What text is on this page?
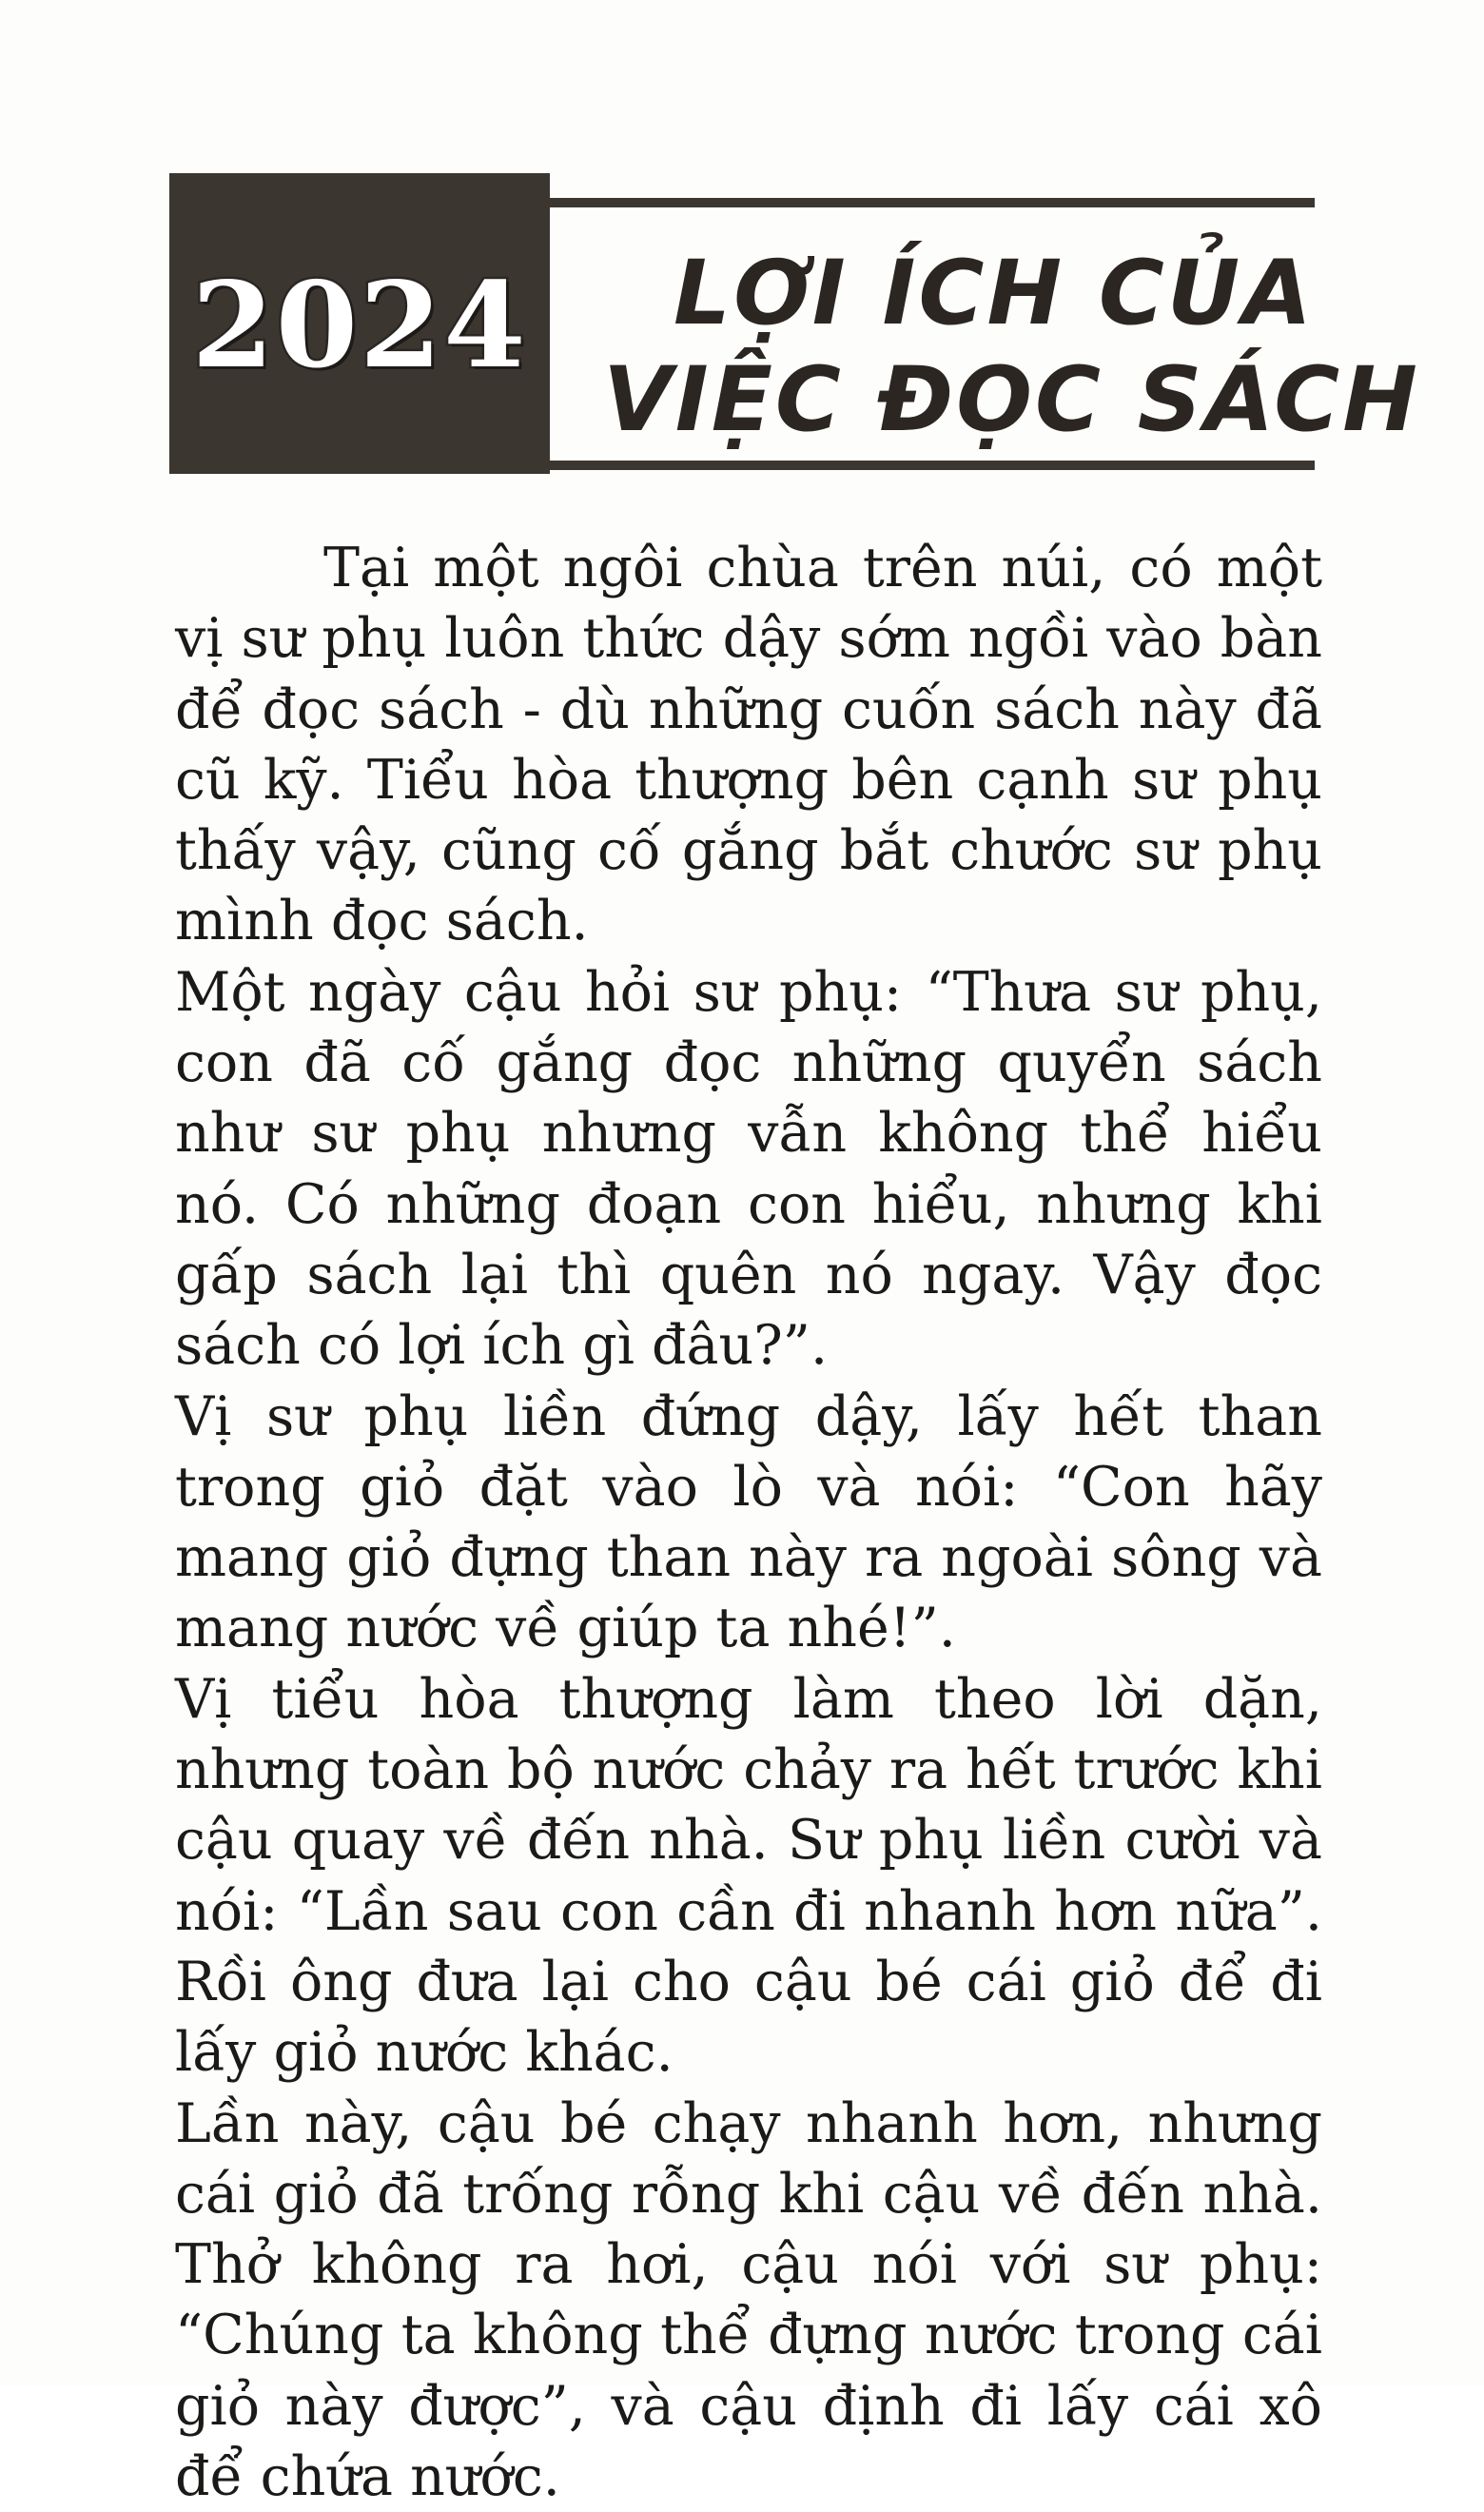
2024 LỢI ÍCH CỦA
VIỆC ĐỌC SÁCH

Tại một ngôi chùa trên núi, có một vị sư phụ luôn thức dậy sớm ngồi vào bàn để đọc sách - dù những cuốn sách này đã cũ kỹ. Tiểu hòa thượng bên cạnh sư phụ thấy vậy, cũng cố gắng bắt chước sư phụ mình đọc sách.

Một ngày cậu hỏi sư phụ: “Thưa sư phụ, con đã cố gắng đọc những quyển sách như sư phụ nhưng vẫn không thể hiểu nó. Có những đoạn con hiểu, nhưng khi gấp sách lại thì quên nó ngay. Vậy đọc sách có lợi ích gì đâu?”.

Vị sư phụ liền đứng dậy, lấy hết than trong giỏ đặt vào lò và nói: “Con hãy mang giỏ đựng than này ra ngoài sông và mang nước về giúp ta nhé!”.

Vị tiểu hòa thượng làm theo lời dặn, nhưng toàn bộ nước chảy ra hết trước khi cậu quay về đến nhà. Sư phụ liền cười và nói: “Lần sau con cần đi nhanh hơn nữa”. Rồi ông đưa lại cho cậu bé cái giỏ để đi lấy giỏ nước khác.

Lần này, cậu bé chạy nhanh hơn, nhưng cái giỏ đã trống rỗng khi cậu về đến nhà. Thở không ra hơi, cậu nói với sư phụ: “Chúng ta không thể đựng nước trong cái giỏ này được”, và cậu định đi lấy cái xô để chứa nước.
